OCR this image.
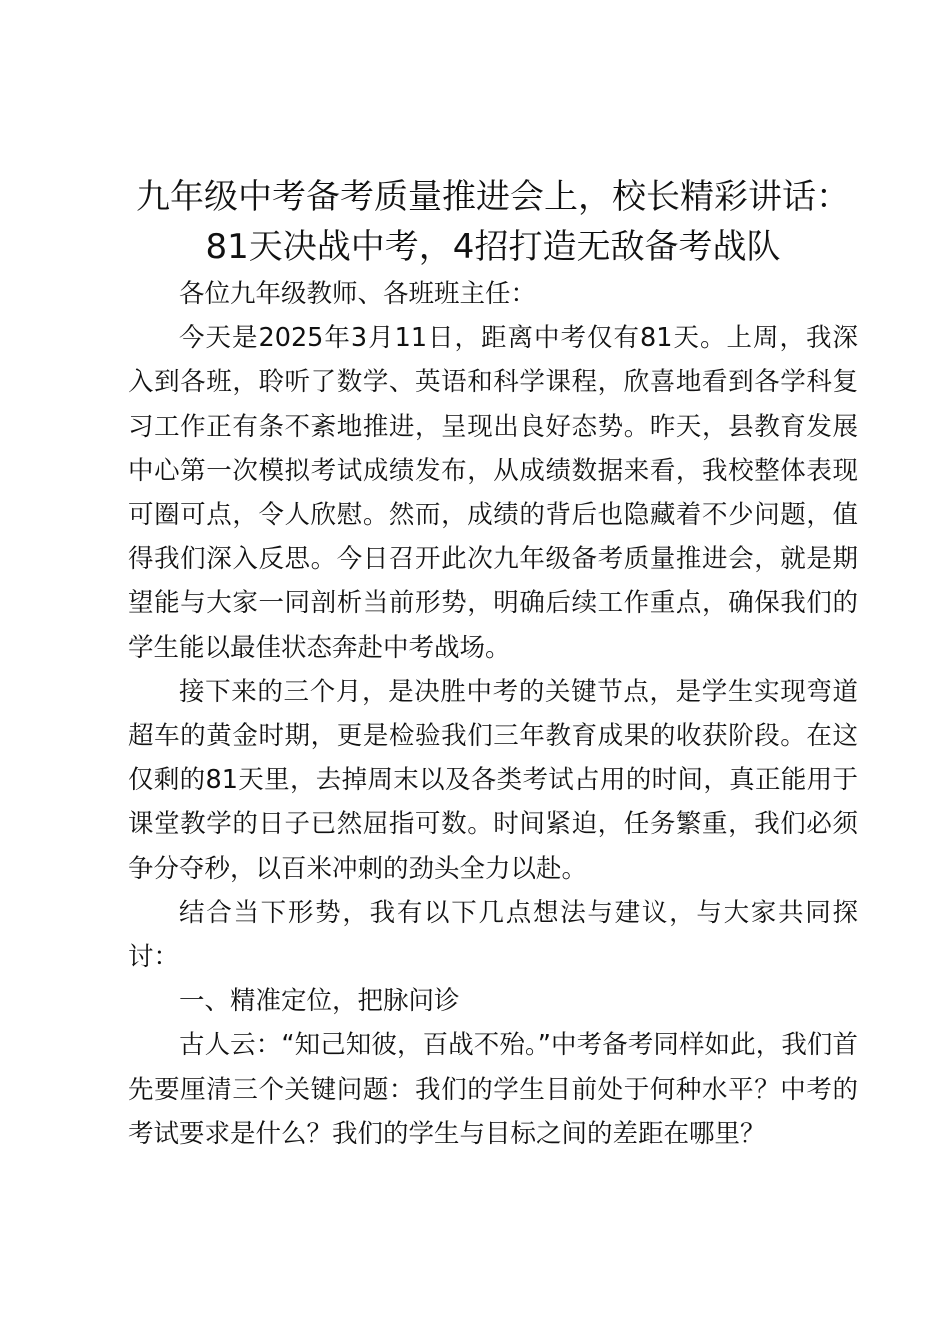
九年级中考备考质量推进会上，校长精彩讲话：
81天决战中考，4招打造无敌备考战队

各位九年级教师、各班班主任：

今天是2025年3月11日，距离中考仅有81天。上周，我深入到各班，聆听了数学、英语和科学课程，欣喜地看到各学科复习工作正有条不紊地推进，呈现出良好态势。昨天，县教育发展中心第一次模拟考试成绩发布，从成绩数据来看，我校整体表现可圈可点，令人欣慰。然而，成绩的背后也隐藏着不少问题，值得我们深入反思。今日召开此次九年级备考质量推进会，就是期望能与大家一同剖析当前形势，明确后续工作重点，确保我们的学生能以最佳状态奔赴中考战场。

接下来的三个月，是决胜中考的关键节点，是学生实现弯道超车的黄金时期，更是检验我们三年教育成果的收获阶段。在这仅剩的81天里，去掉周末以及各类考试占用的时间，真正能用于课堂教学的日子已然屈指可数。时间紧迫，任务繁重，我们必须争分夺秒，以百米冲刺的劲头全力以赴。

结合当下形势，我有以下几点想法与建议，与大家共同探讨：

一、精准定位，把脉问诊

古人云：“知己知彼，百战不殆。”中考备考同样如此，我们首先要厘清三个关键问题：我们的学生目前处于何种水平？中考的考试要求是什么？我们的学生与目标之间的差距在哪里？
